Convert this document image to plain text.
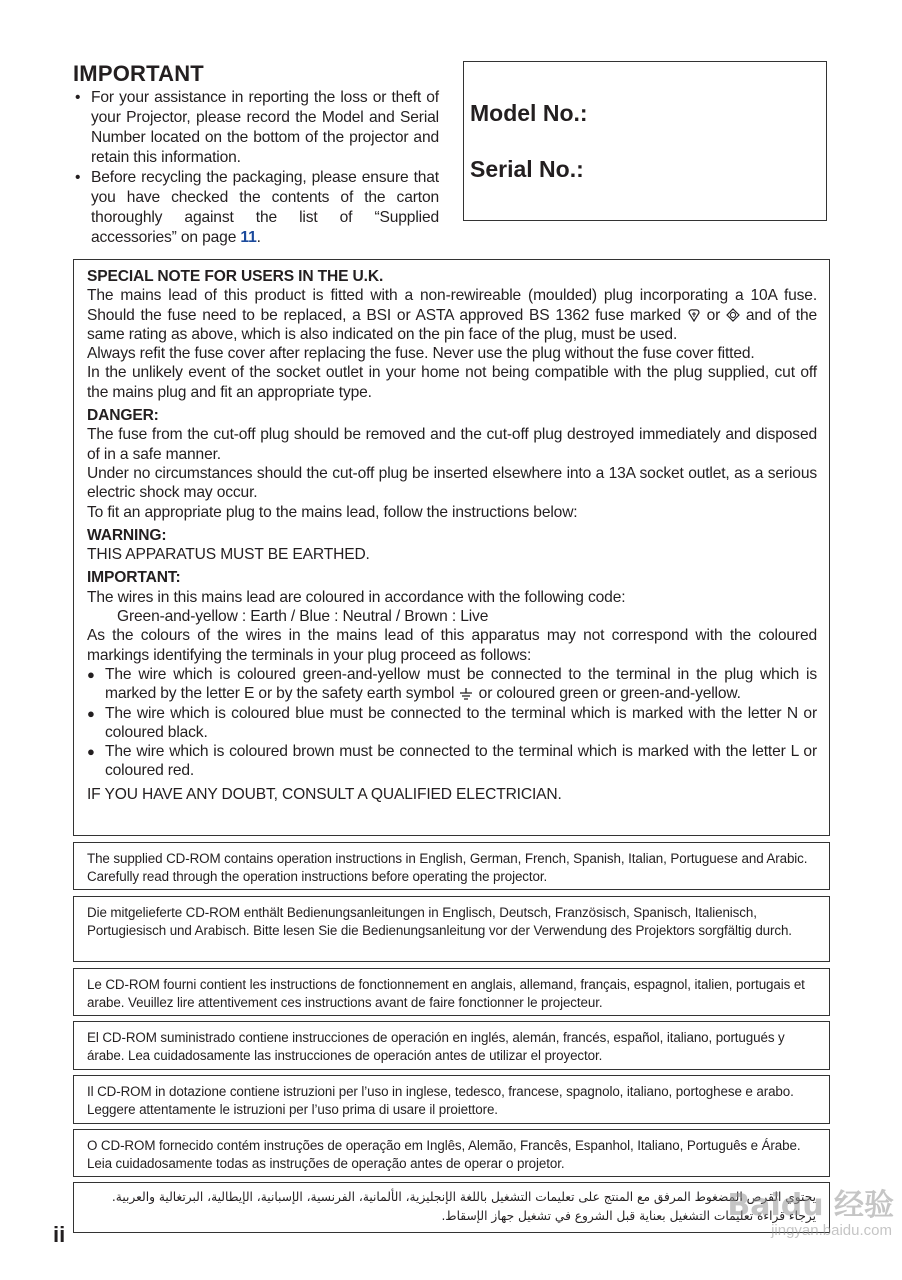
IMPORTANT
• For your assistance in reporting the loss or theft of your Projector, please record the Model and Serial Number located on the bottom of the projector and retain this information.
• Before recycling the packaging, please ensure that you have checked the contents of the carton thoroughly against the list of “Supplied accessories” on page 11.
Model No.:
Serial No.:

SPECIAL NOTE FOR USERS IN THE U.K.

The mains lead of this product is fitted with a non-rewireable (moulded) plug incorporating a 10A fuse. Should the fuse need to be replaced, a BSI or ASTA approved BS 1362 fuse marked  or  and of the same rating as above, which is also indicated on the pin face of the plug, must be used.

Always refit the fuse cover after replacing the fuse. Never use the plug without the fuse cover fitted.

In the unlikely event of the socket outlet in your home not being compatible with the plug supplied, cut off the mains plug and fit an appropriate type.

DANGER:

The fuse from the cut-off plug should be removed and the cut-off plug destroyed immediately and disposed of in a safe manner.

Under no circumstances should the cut-off plug be inserted elsewhere into a 13A socket outlet, as a serious electric shock may occur.

To fit an appropriate plug to the mains lead, follow the instructions below:

WARNING:

THIS APPARATUS MUST BE EARTHED.

IMPORTANT:

The wires in this mains lead are coloured in accordance with the following code:

Green-and-yellow : Earth / Blue : Neutral / Brown : Live

As the colours of the wires in the mains lead of this apparatus may not correspond with the coloured markings identifying the terminals in your plug proceed as follows:

● The wire which is coloured green-and-yellow must be connected to the terminal in the plug which is marked by the letter E or by the safety earth symbol  or coloured green or green-and-yellow.
● The wire which is coloured blue must be connected to the terminal which is marked with the letter N or coloured black.
● The wire which is coloured brown must be connected to the terminal which is marked with the letter L or coloured red.

IF YOU HAVE ANY DOUBT, CONSULT A QUALIFIED ELECTRICIAN.

The supplied CD-ROM contains operation instructions in English, German, French, Spanish, Italian, Portuguese and Arabic. Carefully read through the operation instructions before operating the projector.

Die mitgelieferte CD-ROM enthält Bedienungsanleitungen in Englisch, Deutsch, Französisch, Spanisch, Italienisch, Portugiesisch und Arabisch. Bitte lesen Sie die Bedienungsanleitung vor der Verwendung des Projektors sorgfältig durch.

Le CD-ROM fourni contient les instructions de fonctionnement en anglais, allemand, français, espagnol, italien, portugais et arabe. Veuillez lire attentivement ces instructions avant de faire fonctionner le projecteur.

El CD-ROM suministrado contiene instrucciones de operación en inglés, alemán, francés, español, italiano, portugués y árabe. Lea cuidadosamente las instrucciones de operación antes de utilizar el proyector.

Il CD-ROM in dotazione contiene istruzioni per l’uso in inglese, tedesco, francese, spagnolo, italiano, portoghese e arabo. Leggere attentamente le istruzioni per l’uso prima di usare il proiettore.

O CD-ROM fornecido contém instruções de operação em Inglês, Alemão, Francês, Espanhol, Italiano, Português e Árabe. Leia cuidadosamente todas as instruções de operação antes de operar o projetor.

يحتوي القرص المضغوط المرفق مع المنتج على تعليمات التشغيل باللغة الإنجليزية، الألمانية، الفرنسية، الإسبانية، الإيطالية، البرتغالية والعربية. يرجاء قراءة تعليمات التشغيل بعناية قبل الشروع في تشغيل جهاز الإسقاط.

ii
Baidu 经验
jingyan.baidu.com
